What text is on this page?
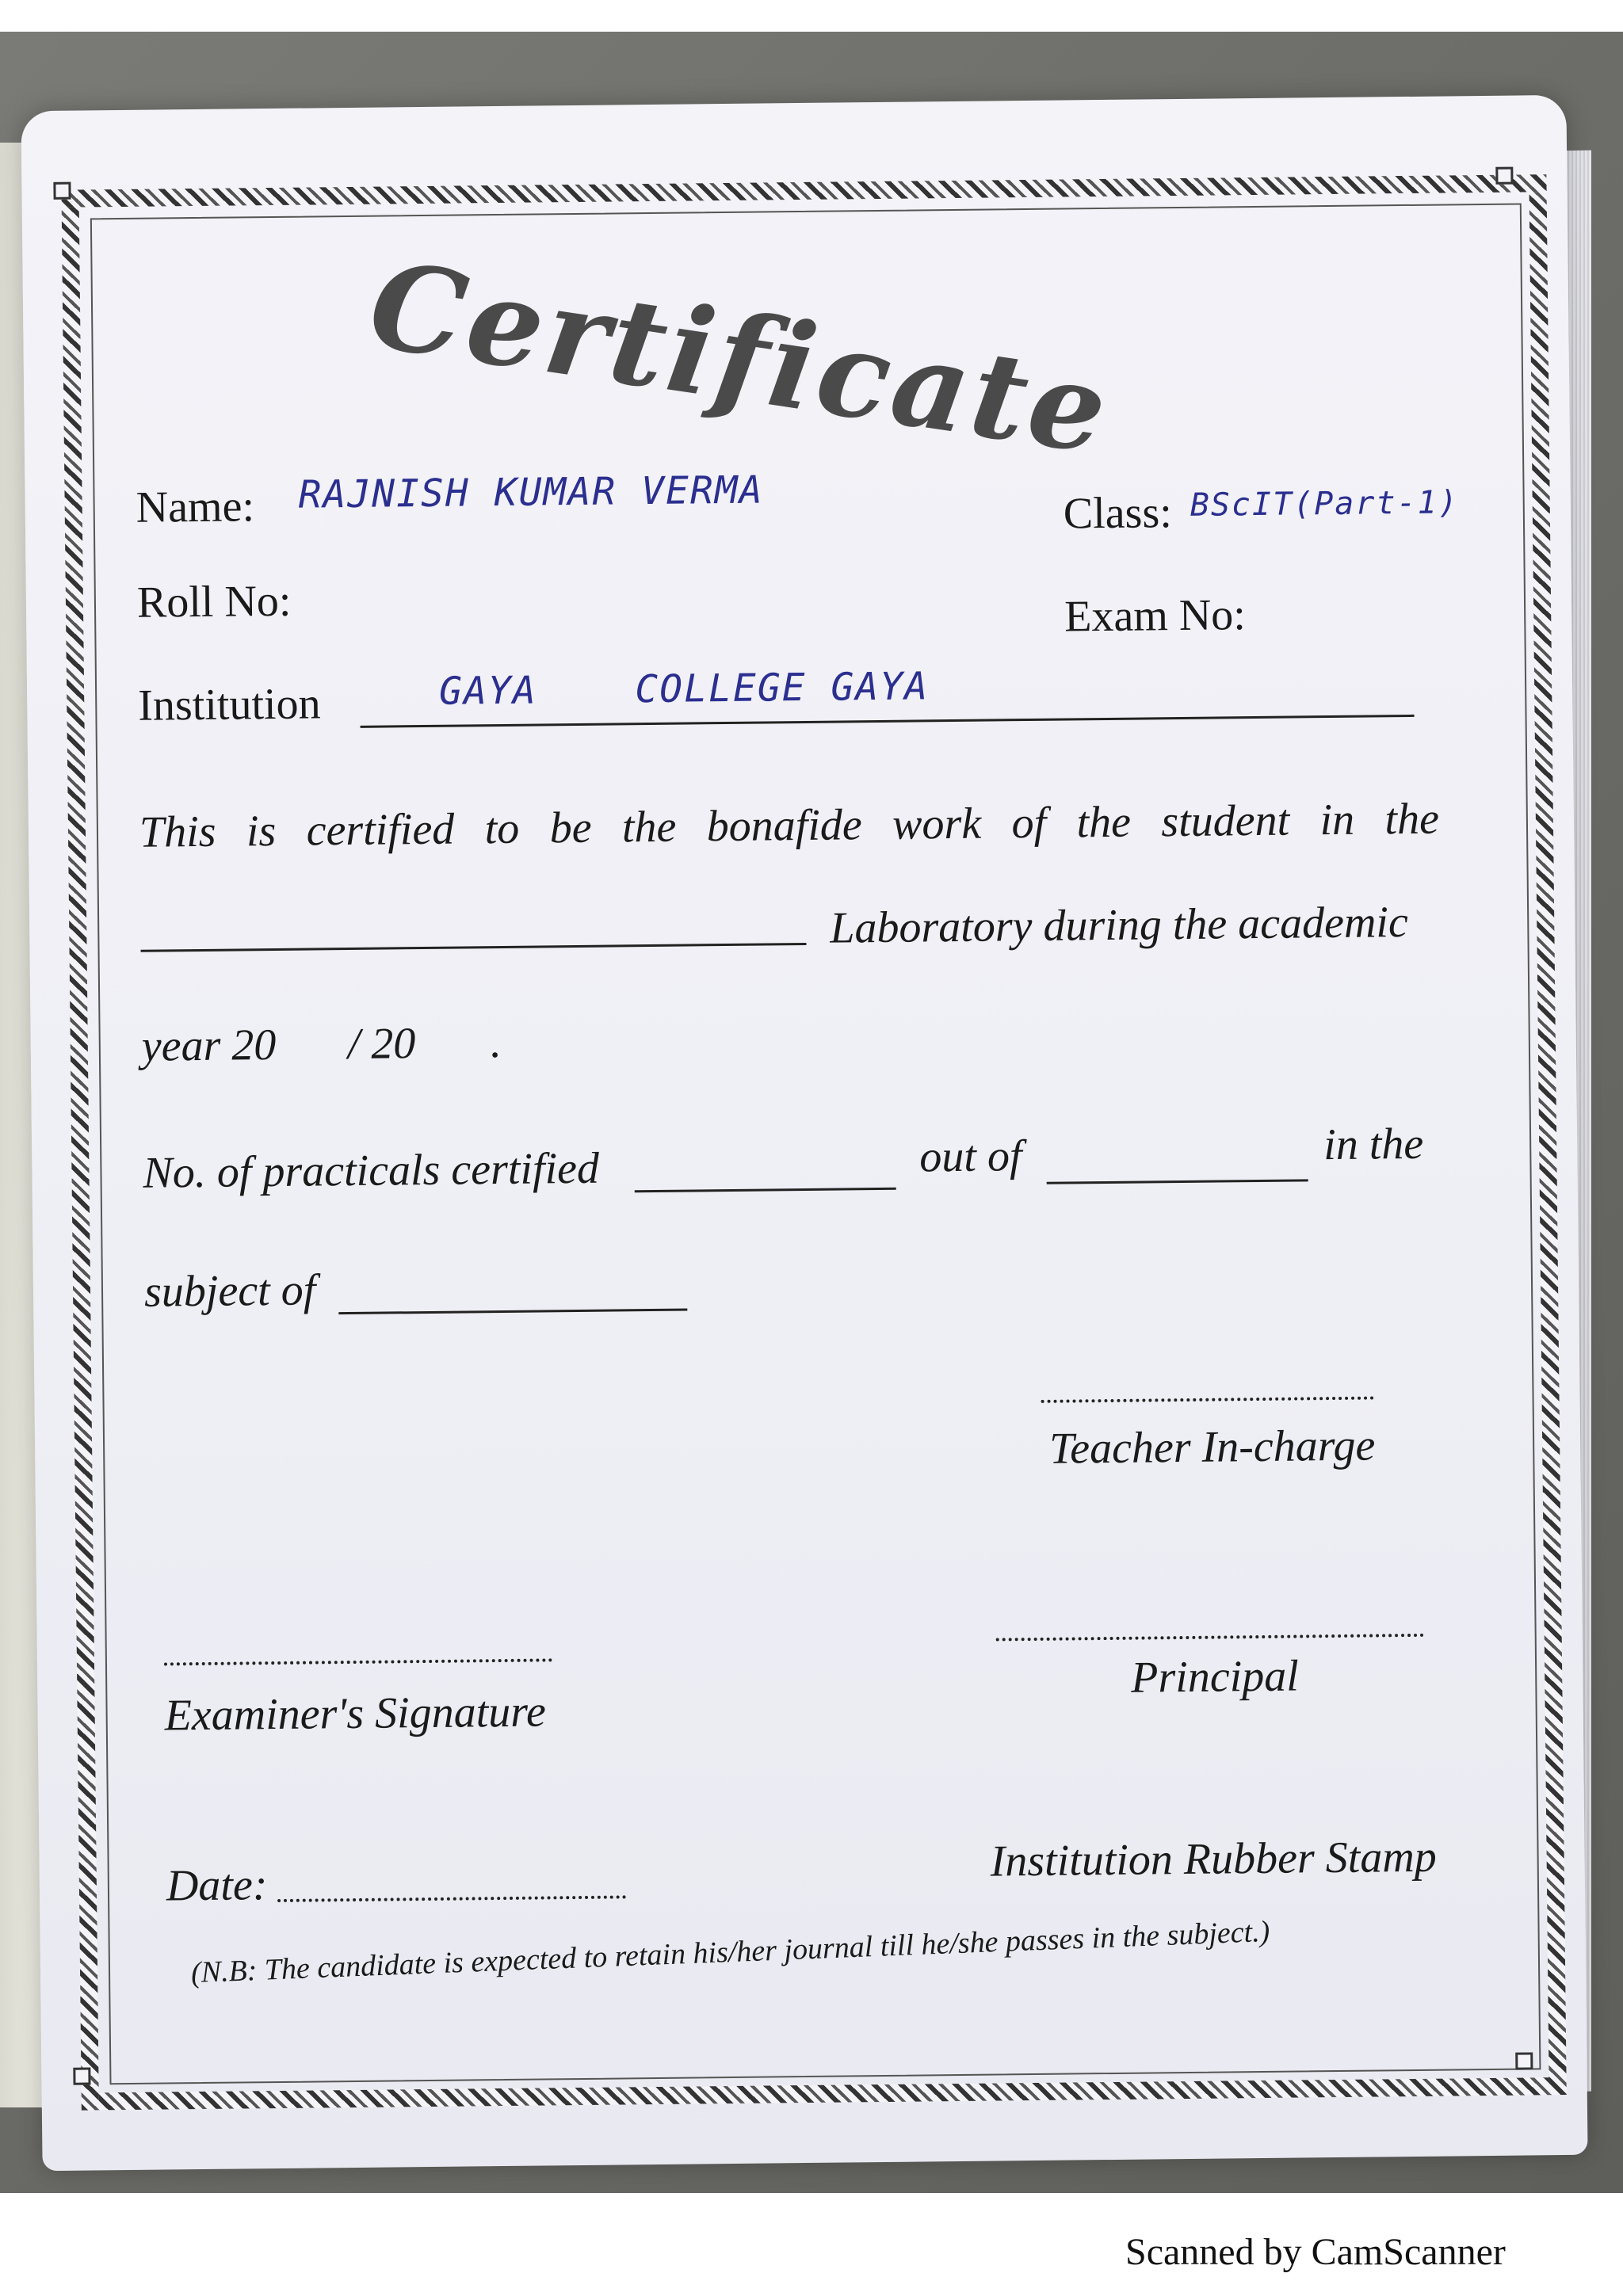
Certificate
Name: RAJNISH KUMAR VERMA	Class: BScIT(Part-1)
Roll No:	Exam No:
Institution	GAYA    COLLEGE GAYA
This is certified to be the bonafide work of the student in the
Laboratory during the academic
year 20 / 20 .
No. of practicals certified	out of	in the
subject of
Teacher In-charge
Principal
Examiner's Signature
Date:	Institution Rubber Stamp
(N.B: The candidate is expected to retain his/her journal till he/she passes in the subject.)
Scanned by CamScanner
